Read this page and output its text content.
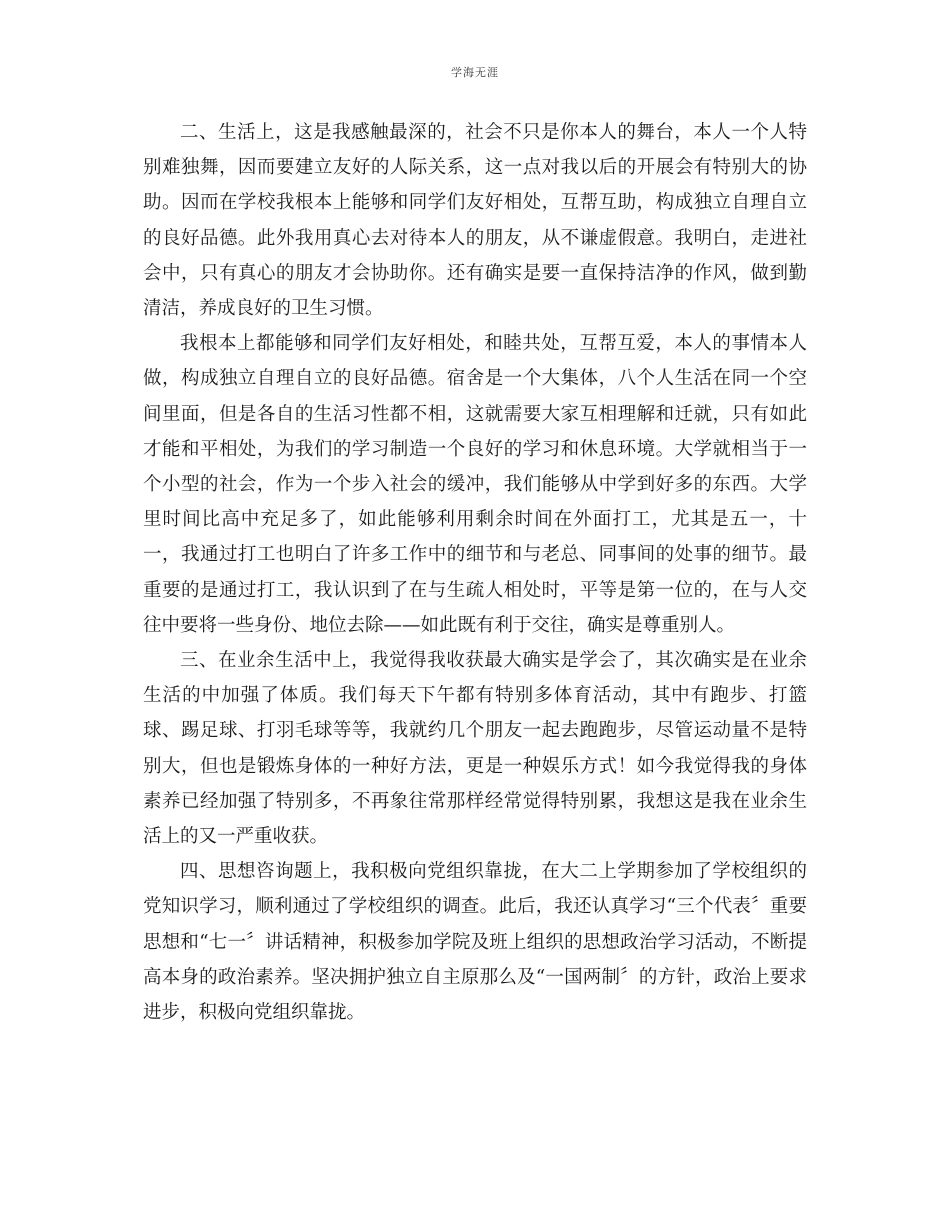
学海无涯

二、生活上，这是我感触最深的，社会不只是你本人的舞台，本人一个人特别难独舞，因而要建立友好的人际关系，这一点对我以后的开展会有特别大的协助。因而在学校我根本上能够和同学们友好相处，互帮互助，构成独立自理自立的良好品德。此外我用真心去对待本人的朋友，从不谦虚假意。我明白，走进社会中，只有真心的朋友才会协助你。还有确实是要一直保持洁净的作风，做到勤清洁，养成良好的卫生习惯。

我根本上都能够和同学们友好相处，和睦共处，互帮互爱，本人的事情本人做，构成独立自理自立的良好品德。宿舍是一个大集体，八个人生活在同一个空间里面，但是各自的生活习性都不相，这就需要大家互相理解和迁就，只有如此才能和平相处，为我们的学习制造一个良好的学习和休息环境。大学就相当于一个小型的社会，作为一个步入社会的缓冲，我们能够从中学到好多的东西。大学里时间比高中充足多了，如此能够利用剩余时间在外面打工，尤其是五一，十一，我通过打工也明白了许多工作中的细节和与老总、同事间的处事的细节。最重要的是通过打工，我认识到了在与生疏人相处时，平等是第一位的，在与人交往中要将一些身份、地位去除——如此既有利于交往，确实是尊重别人。

三、在业余生活中上，我觉得我收获最大确实是学会了，其次确实是在业余生活的中加强了体质。我们每天下午都有特别多体育活动，其中有跑步、打篮球、踢足球、打羽毛球等等，我就约几个朋友一起去跑跑步，尽管运动量不是特别大，但也是锻炼身体的一种好方法，更是一种娱乐方式！如今我觉得我的身体素养已经加强了特别多，不再象往常那样经常觉得特别累，我想这是我在业余生活上的又一严重收获。

四、思想咨询题上，我积极向党组织靠拢，在大二上学期参加了学校组织的党知识学习，顺利通过了学校组织的调查。此后，我还认真学习“三个代表〞重要思想和“七一〞讲话精神，积极参加学院及班上组织的思想政治学习活动，不断提高本身的政治素养。坚决拥护独立自主原那么及“一国两制〞的方针，政治上要求进步，积极向党组织靠拢。
